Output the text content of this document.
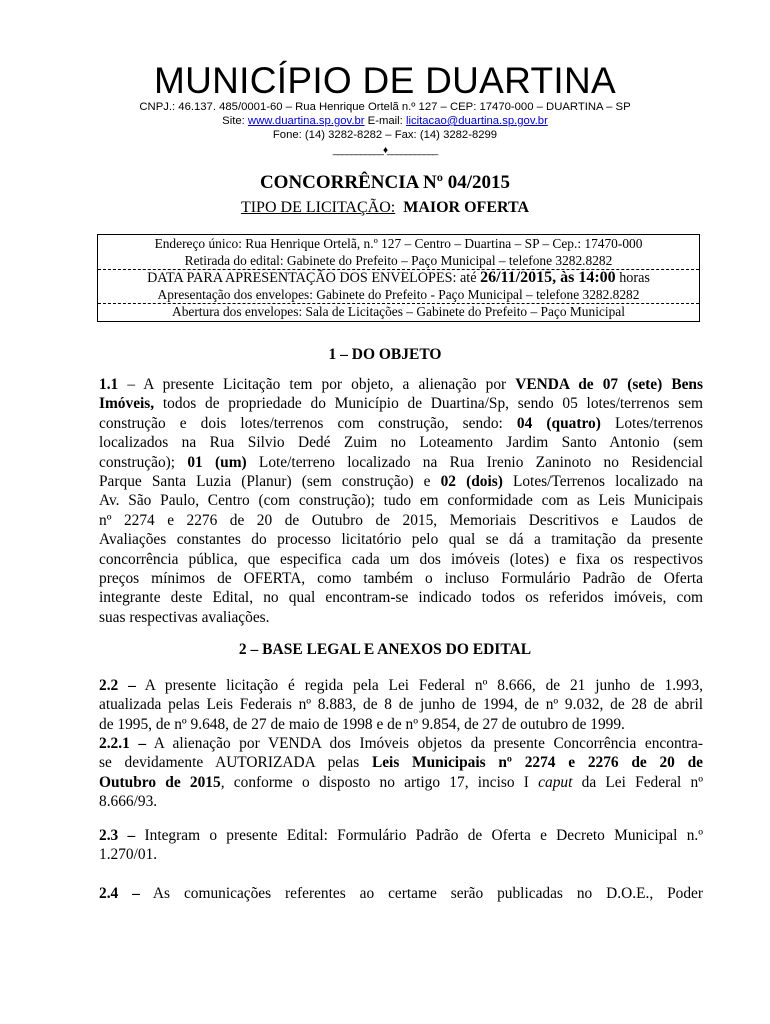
MUNICÍPIO DE DUARTINA
CNPJ.: 46.137. 485/0001-60 – Rua Henrique Ortelã n.º 127 – CEP: 17470-000 – DUARTINA – SP
Site: www.duartina.sp.gov.br E-mail: licitacao@duartina.sp.gov.br
Fone: (14) 3282-8282 – Fax: (14) 3282-8299
___________♦___________
CONCORRÊNCIA Nº 04/2015
TIPO DE LICITAÇÃO: MAIOR OFERTA
Endereço único: Rua Henrique Ortelã, n.º 127 – Centro – Duartina – SP – Cep.: 17470-000
Retirada do edital: Gabinete do Prefeito – Paço Municipal – telefone 3282.8282
DATA PARA APRESENTAÇÃO DOS ENVELOPES: até 26/11/2015, às 14:00 horas
Apresentação dos envelopes: Gabinete do Prefeito - Paço Municipal – telefone 3282.8282
Abertura dos envelopes: Sala de Licitações – Gabinete do Prefeito – Paço Municipal
1 – DO OBJETO
1.1 – A presente Licitação tem por objeto, a alienação por VENDA de 07 (sete) Bens
Imóveis, todos de propriedade do Município de Duartina/Sp, sendo 05 lotes/terrenos sem
construção e dois lotes/terrenos com construção, sendo: 04 (quatro) Lotes/terrenos
localizados na Rua Silvio Dedé Zuim no Loteamento Jardim Santo Antonio (sem
construção); 01 (um) Lote/terreno localizado na Rua Irenio Zaninoto no Residencial
Parque Santa Luzia (Planur) (sem construção) e 02 (dois) Lotes/Terrenos localizado na
Av. São Paulo, Centro (com construção); tudo em conformidade com as Leis Municipais
nº 2274 e 2276 de 20 de Outubro de 2015, Memoriais Descritivos e Laudos de
Avaliações constantes do processo licitatório pelo qual se dá a tramitação da presente
concorrência pública, que especifica cada um dos imóveis (lotes) e fixa os respectivos
preços mínimos de OFERTA, como também o incluso Formulário Padrão de Oferta
integrante deste Edital, no qual encontram-se indicado todos os referidos imóveis, com
suas respectivas avaliações.
2 – BASE LEGAL E ANEXOS DO EDITAL
2.2 – A presente licitação é regida pela Lei Federal nº 8.666, de 21 junho de 1.993,
atualizada pelas Leis Federais nº 8.883, de 8 de junho de 1994, de nº 9.032, de 28 de abril
de 1995, de nº 9.648, de 27 de maio de 1998 e de nº 9.854, de 27 de outubro de 1999.
2.2.1 – A alienação por VENDA dos Imóveis objetos da presente Concorrência encontra-
se devidamente AUTORIZADA pelas Leis Municipais nº 2274 e 2276 de 20 de
Outubro de 2015, conforme o disposto no artigo 17, inciso I caput da Lei Federal nº
8.666/93.
2.3 – Integram o presente Edital: Formulário Padrão de Oferta e Decreto Municipal n.º
1.270/01.
2.4 – As comunicações referentes ao certame serão publicadas no D.O.E., Poder
